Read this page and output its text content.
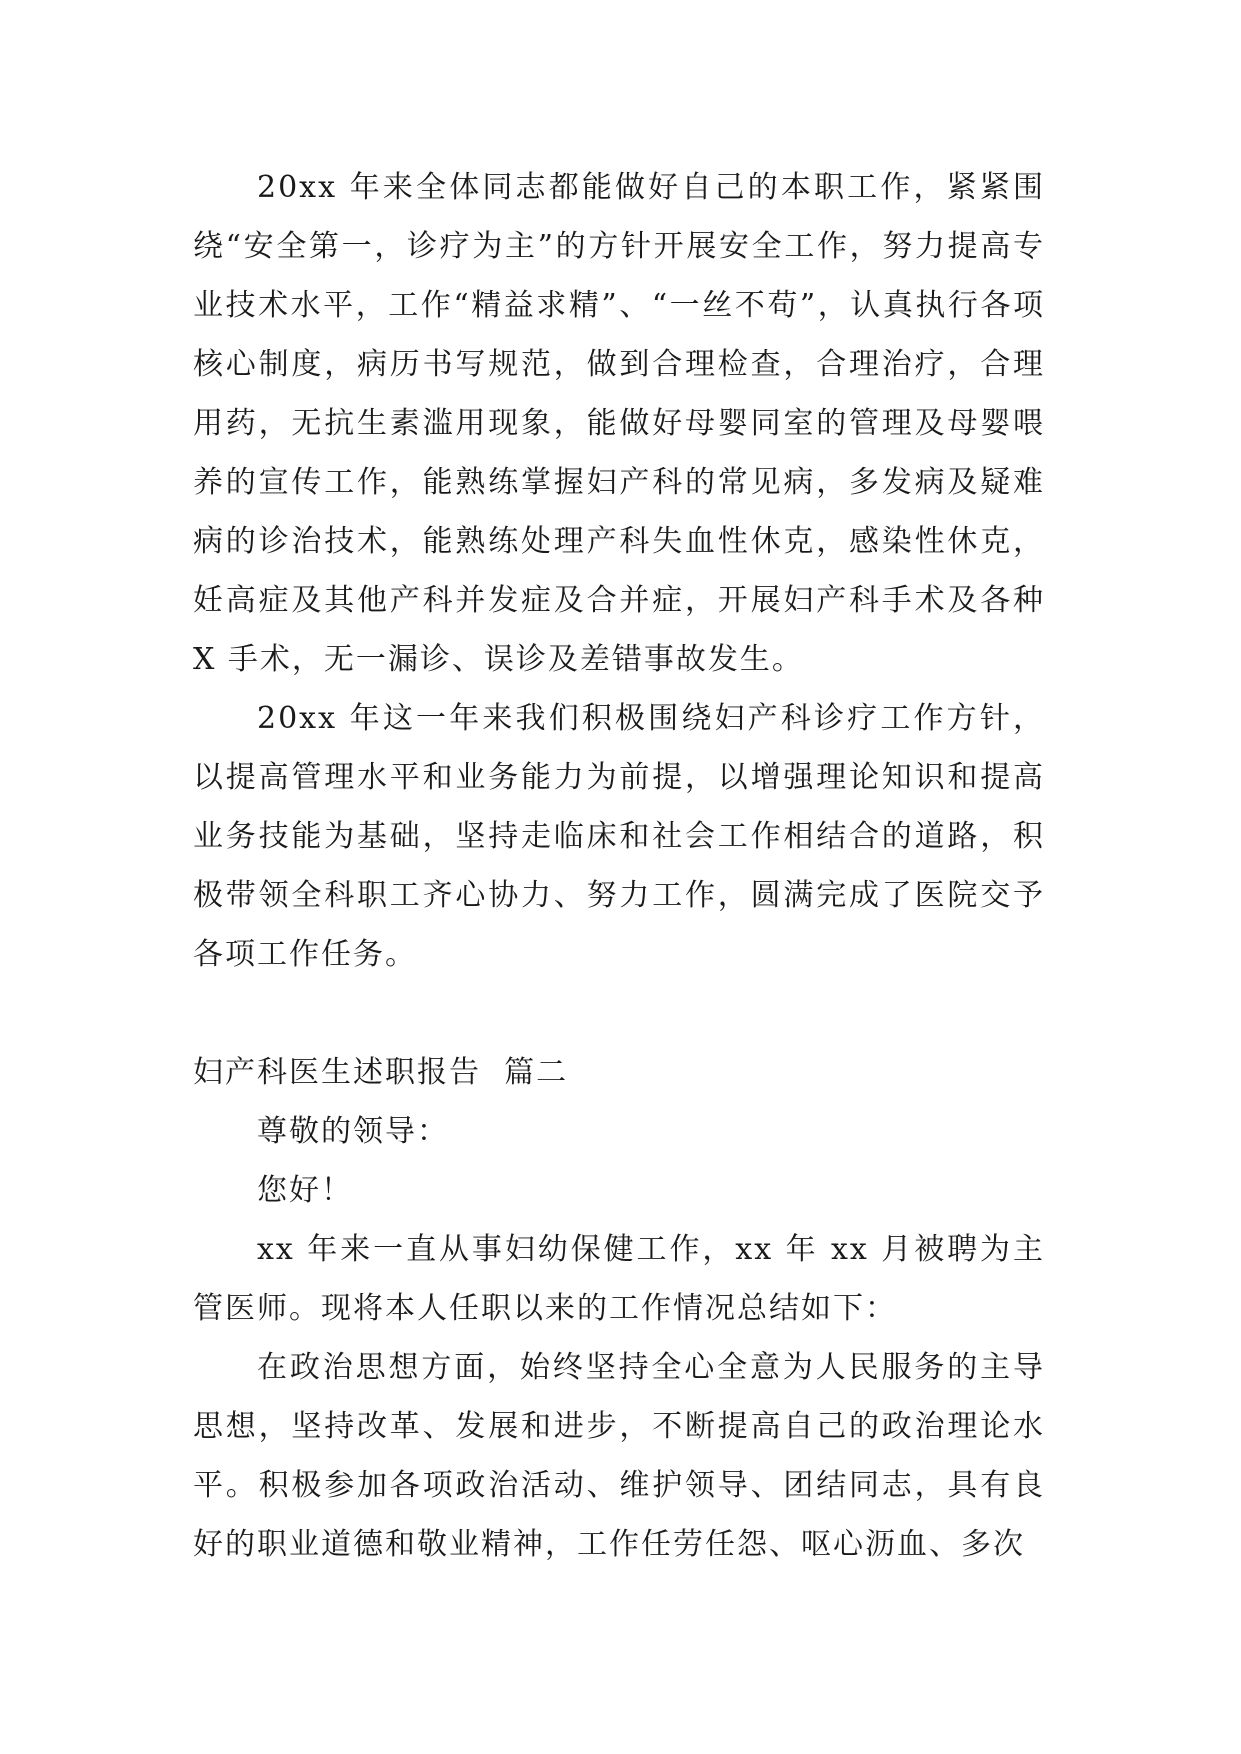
20xx 年来全体同志都能做好自己的本职工作，紧紧围绕“安全第一，诊疗为主”的方针开展安全工作，努力提高专业技术水平，工作“精益求精”、“一丝不苟”，认真执行各项核心制度，病历书写规范，做到合理检查，合理治疗，合理用药，无抗生素滥用现象，能做好母婴同室的管理及母婴喂养的宣传工作，能熟练掌握妇产科的常见病，多发病及疑难病的诊治技术，能熟练处理产科失血性休克，感染性休克，妊高症及其他产科并发症及合并症，开展妇产科手术及各种 X 手术，无一漏诊、误诊及差错事故发生。

20xx 年这一年来我们积极围绕妇产科诊疗工作方针，以提高管理水平和业务能力为前提，以增强理论知识和提高业务技能为基础，坚持走临床和社会工作相结合的道路，积极带领全科职工齐心协力、努力工作，圆满完成了医院交予各项工作任务。

妇产科医生述职报告  篇二

尊敬的领导：

您好！

xx 年来一直从事妇幼保健工作，xx 年 xx 月被聘为主管医师。现将本人任职以来的工作情况总结如下：

在政治思想方面，始终坚持全心全意为人民服务的主导思想，坚持改革、发展和进步，不断提高自己的政治理论水平。积极参加各项政治活动、维护领导、团结同志，具有良好的职业道德和敬业精神，工作任劳任怨、呕心沥血、多次
